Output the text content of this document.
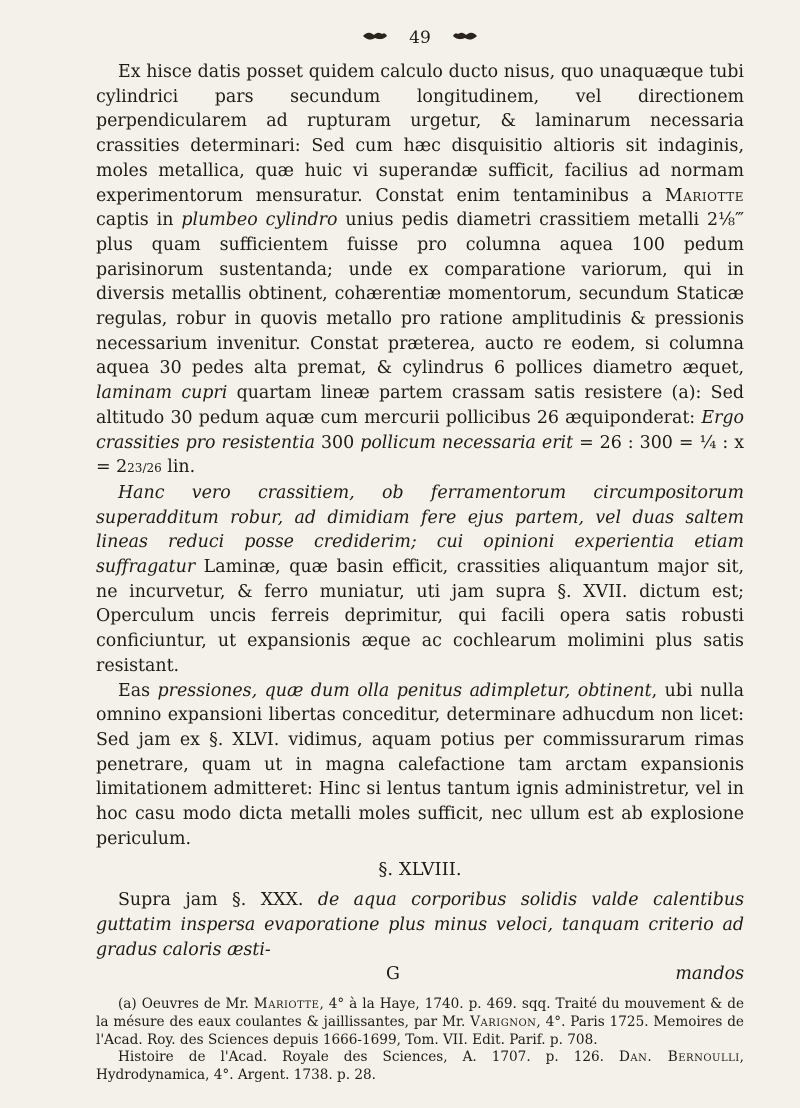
49

Ex hisce datis posset quidem calculo ducto nisus, quo unaquæque tubi cylindrici pars secundum longitudinem, vel directionem perpendicularem ad rupturam urgetur, & laminarum necessaria crassities determinari: Sed cum hæc disquisitio altioris sit indaginis, moles metallica, quæ huic vi superandæ sufficit, facilius ad normam experimentorum mensuratur. Constat enim tentaminibus a Mariotte captis in plumbeo cylindro unius pedis diametri crassitiem metalli 2⅛‴ plus quam sufficientem fuisse pro columna aquea 100 pedum parisinorum sustentanda; unde ex comparatione variorum, qui in diversis metallis obtinent, cohærentiæ momentorum, secundum Staticæ regulas, robur in quovis metallo pro ratione amplitudinis & pressionis necessarium invenitur. Constat præterea, aucto re eodem, si columna aquea 30 pedes alta premat, & cylindrus 6 pollices diametro æquet, laminam cupri quartam lineæ partem crassam satis resistere (a): Sed altitudo 30 pedum aquæ cum mercurii pollicibus 26 æquiponderat: Ergo crassities pro resistentia 300 pollicum necessaria erit = 26 : 300 = ¼ : x = 223/26 lin.

Hanc vero crassitiem, ob ferramentorum circumpositorum superadditum robur, ad dimidiam fere ejus partem, vel duas saltem lineas reduci posse crediderim; cui opinioni experientia etiam suffragatur Laminæ, quæ basin efficit, crassities aliquantum major sit, ne incurvetur, & ferro muniatur, uti jam supra §. XVII. dictum est; Operculum uncis ferreis deprimitur, qui facili opera satis robusti conficiuntur, ut expansionis æque ac cochlearum molimini plus satis resistant.

Eas pressiones, quæ dum olla penitus adimpletur, obtinent, ubi nulla omnino expansioni libertas conceditur, determinare adhucdum non licet: Sed jam ex §. XLVI. vidimus, aquam potius per commissurarum rimas penetrare, quam ut in magna calefactione tam arctam expansionis limitationem admitteret: Hinc si lentus tantum ignis administretur, vel in hoc casu modo dicta metalli moles sufficit, nec ullum est ab explosione periculum.

§. XLVIII.

Supra jam §. XXX. de aqua corporibus solidis valde calentibus guttatim inspersa evaporatione plus minus veloci, tanquam criterio ad gradus caloris æsti-

G	mandos

(a) Oeuvres de Mr. Mariotte, 4° à la Haye, 1740. p. 469. sqq. Traité du mouvement & de la mésure des eaux coulantes & jaillissantes, par Mr. Varignon, 4°. Paris 1725. Memoires de l'Acad. Roy. des Sciences depuis 1666-1699, Tom. VII. Edit. Parif. p. 708.

Histoire de l'Acad. Royale des Sciences, A. 1707. p. 126. Dan. Bernoulli, Hydrodynamica, 4°. Argent. 1738. p. 28.
